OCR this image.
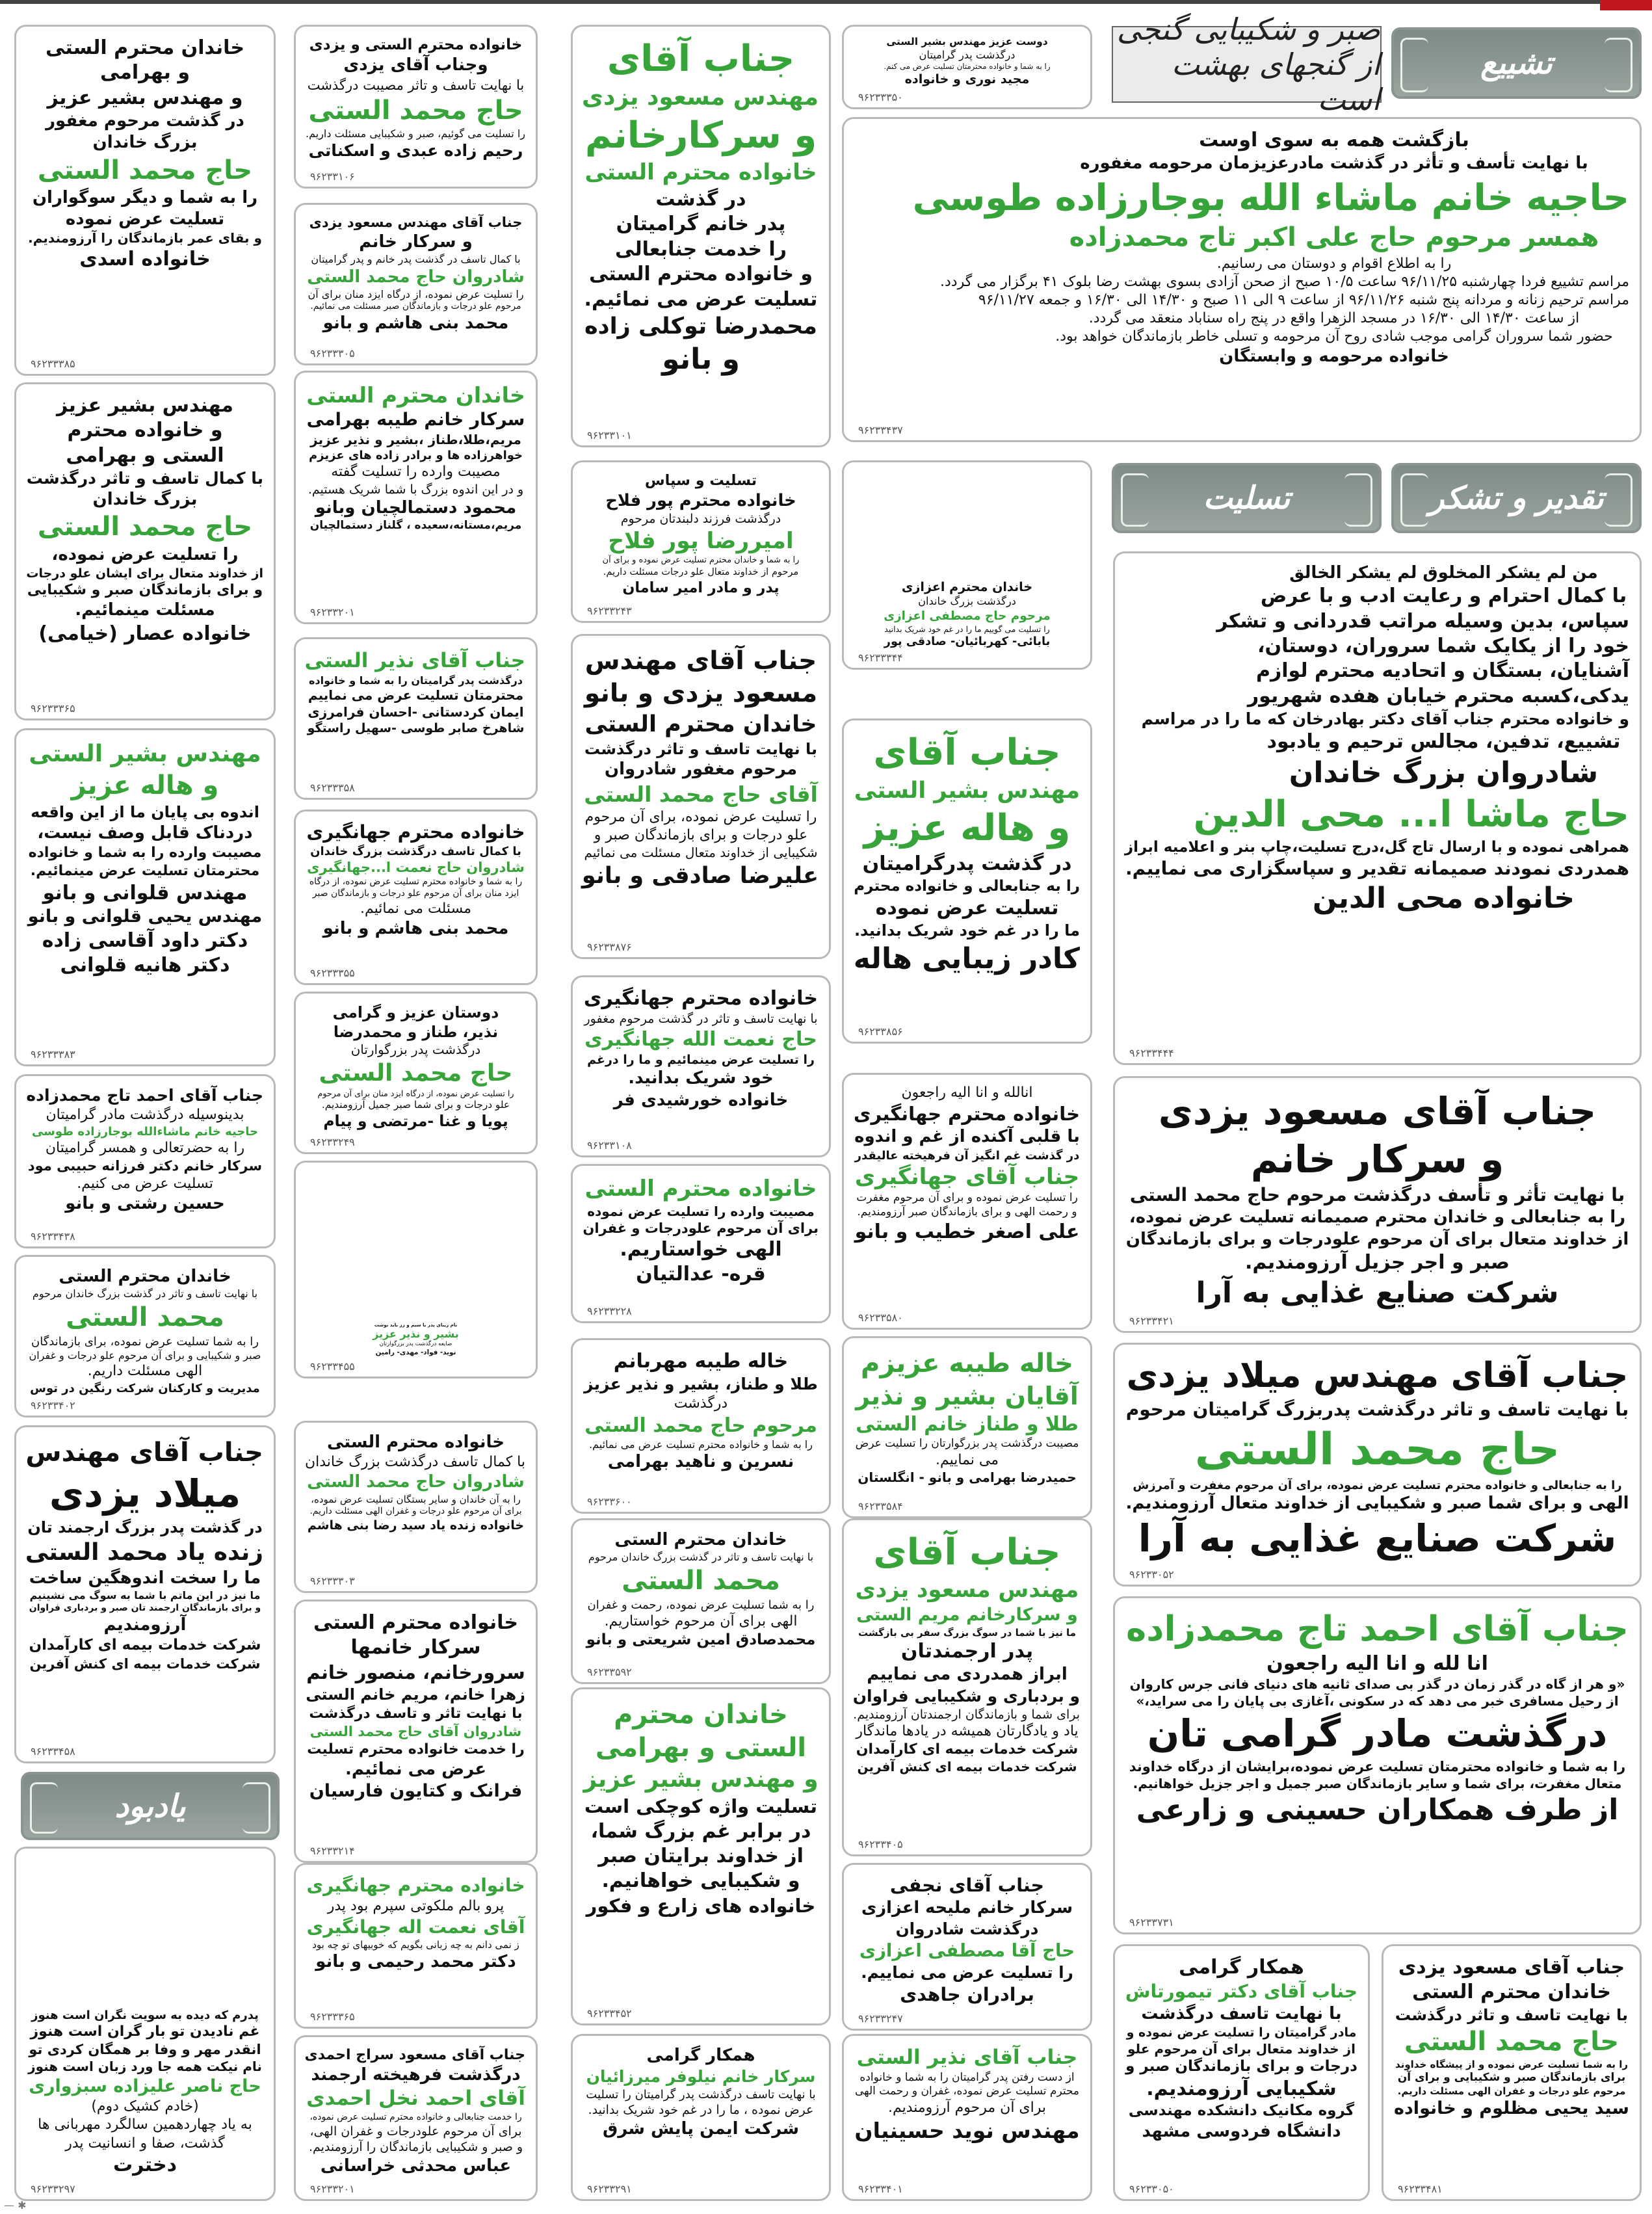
تشییع
صبر و شکیبایی گنجی از گنجهای بهشت است
تقدیر و تشکر
تسلیت
یادبود
خاندان محترم الستی
و بهرامی
و مهندس بشیر عزیز
در گذشت مرحوم مغفور
بزرگ خاندان
حاج محمد الستی
را به شما و دیگر سوگواران
تسلیت عرض نموده
و بقای عمر بازماندگان را آرزومندیم.
خانواده اسدی
۹۶۲۳۳۳۸۵
مهندس بشیر عزیز
و خانواده محترم
الستی و بهرامی
با کمال تاسف و تاثر درگذشت
بزرگ خاندان
حاج محمد الستی
را تسلیت عرض نموده،
از خداوند متعال برای ایشان علو درجات
و برای بازماندگان صبر و شکیبایی
مسئلت مینمائیم.
خانواده عصار (خیامی)
۹۶۲۳۳۳۶۵
مهندس بشیر الستی
و هاله عزیز
اندوه بی پایان ما از این واقعه
دردناک قابل وصف نیست،
مصیبت وارده را به شما و خانواده
محترمتان تسلیت عرض مینمائیم.
مهندس قلوانی و بانو
مهندس یحیی قلوانی و بانو
دکتر داود آقاسی زاده
دکتر هانیه قلوانی
۹۶۲۳۳۳۸۳
جناب آقای احمد تاج محمدزاده
بدینوسیله درگذشت مادر گرامیتان
حاجیه خانم ماشاءالله بوجارزاده طوسی
را به حضرتعالی و همسر گرامیتان
سرکار خانم دکتر فرزانه حبیبی مود
تسلیت عرض می کنیم.
حسین رشتی و بانو
۹۶۲۳۳۴۳۸
خاندان محترم الستی
با نهایت تاسف و تاثر در گذشت بزرگ خاندان مرحوم
محمد الستی
را به شما تسلیت عرض نموده، برای بازماندگان
صبر و شکیبایی و برای آن مرحوم علو درجات و غفران
الهی مسئلت داریم.
مدیریت و کارکنان شرکت رنگین در توس
۹۶۲۳۳۴۰۲
جناب آقای مهندس
میلاد یزدی
در گذشت پدر بزرگ ارجمند تان
زنده یاد محمد الستی
ما را سخت اندوهگین ساخت
ما نیز در این ماتم با شما به سوگ می نشینیم
و برای بازماندگان ارجمند تان صبر و بردباری فراوان
آرزومندیم
شرکت خدمات بیمه ای کارآمدان
شرکت خدمات بیمه ای کنش آفرین
۹۶۲۳۳۴۵۸
پدرم که دیده به سویت نگران است هنوز
غم نادیدن تو بار گران است هنوز
انقدر مهر و وفا بر همگان کردی تو
نام نیکت همه جا ورد زبان است هنوز
حاج ناصر علیزاده سبزواری
(خادم کشیک دوم)
به یاد چهاردهمین سالگرد مهربانی ها
گذشت، صفا و انسانیت پدر
دخترت
۹۶۲۳۳۲۹۷
خانواده محترم الستی و یزدی
وجناب آقای یزدی
با نهایت تاسف و تاثر مصیبت درگذشت
حاج محمد الستی
را تسلیت می گوئیم، صبر و شکیبایی مسئلت داریم.
رحیم زاده عبدی و اسکناتی
۹۶۲۳۳۱۰۶
جناب آقای مهندس مسعود یزدی
و سرکار خانم
با کمال تاسف در گذشت پدر خانم و پدر گرامیتان
شادروان حاج محمد الستی
را تسلیت عرض نموده، از درگاه ایزد منان برای آن
مرحوم علو درجات و بازماندگان صبر مسئلت می نمائیم.
محمد بنی هاشم و بانو
۹۶۲۳۳۳۰۵
خاندان محترم الستی
سرکار خانم طیبه بهرامی
مریم،طلا،طناز ،بشیر و نذیر عزیز
خواهرزاده ها و برادر زاده های عزیزم
مصیبت وارده را تسلیت گفته
و در این اندوه بزرگ با شما شریک هستیم.
محمود دستمالچیان وبانو
مریم،مستانه،سعیده ، گلناز دستمالچیان
۹۶۲۳۳۲۰۱
جناب آقای نذیر الستی
درگذشت پدر گرامیتان را به شما و خانواده
محترمتان تسلیت عرض می نماییم
ایمان کردستانی -احسان فرامرزی
شاهرخ صابر طوسی -سهیل راستگو
۹۶۲۳۳۳۵۸
خانواده محترم جهانگیری
با کمال تاسف درگذشت بزرگ خاندان
شادروان حاج نعمت ا...جهانگیری
را به شما و خانواده محترم تسلیت عرض نموده، از درگاه
ایزد منان برای آن مرحوم علو درجات و بازماندگان صبر
مسئلت می نمائیم.
محمد بنی هاشم و بانو
۹۶۲۳۳۳۵۵
دوستان عزیز و گرامی
نذیر، طناز و محمدرضا
درگذشت پدر بزرگوارتان
حاج محمد الستی
را تسلیت عرض نموده، از درگاه ایزد منان برای آن مرحوم
علو درجات و برای شما صبر جمیل آرزومندیم.
پویا و غنا -مرتضی و پیام
۹۶۲۳۳۲۴۹
نام زیبای پدر با سیم و زر باید نوشت
بشیر و نذیر عزیز
ضایعه درگذشت پدر بزرگوارتان
نوید- فواد- مهدی- رامین
۹۶۲۳۳۴۵۵
خانواده محترم الستی
با کمال تاسف درگذشت بزرگ خاندان
شادروان حاج محمد الستی
را به آن خاندان و سایر بستگان تسلیت عرض نموده،
برای آن مرحوم علو درجات و غفران الهی مسئلت داریم.
خانواده زنده یاد سید رضا بنی هاشم
۹۶۲۳۳۳۰۳
خانواده محترم الستی
سرکار خانمها
سرورخانم، منصور خانم
زهرا خانم، مریم خانم الستی
با نهایت تاثر و تاسف درگذشت
شادروان آقای حاج محمد الستی
را خدمت خانواده محترم تسلیت
عرض می نمائیم.
فرانک و کتایون فارسیان
۹۶۲۳۳۲۱۴
خانواده محترم جهانگیری
پرو بالم ملکوتی سپرم بود پدر
آقای نعمت اله جهانگیری
ز نمی دانم به چه زبانی بگویم که خوبیهای تو چه بود
دکتر محمد رحیمی و بانو
۹۶۲۳۳۳۶۵
جناب آقای مسعود سراج احمدی
درگذشت فرهیخته ارجمند
آقای احمد نخل احمدی
را خدمت جنابعالی و خانواده محترم تسلیت عرض نموده،
برای آن مرحوم علودرجات و غفران الهی،
و صبر و شکیبایی بازماندگان را آرزومندیم.
عباس محدثی خراسانی
۹۶۲۳۳۲۰۱
جناب آقای
مهندس مسعود یزدی
و سرکارخانم
خانواده محترم الستی
در گذشت
پدر خانم گرامیتان
را خدمت جنابعالی
و خانواده محترم الستی
تسلیت عرض می نمائیم.
محمدرضا توکلی زاده
و بانو
۹۶۲۳۳۱۰۱
تسلیت و سپاس
خانواده محترم پور فلاح
درگذشت فرزند دلبندتان مرحوم
امیررضا پور فلاح
را به شما و خاندان محترم تسلیت عرض نموده و برای آن
مرحوم از خداوند متعال علو درجات مسئلت داریم.
پدر و مادر امیر سامان
۹۶۲۳۳۲۴۳
جناب آقای مهندس
مسعود یزدی و بانو
خاندان محترم الستی
با نهایت تاسف و تاثر درگذشت
مرحوم مغفور شادروان
آقای حاج محمد الستی
را تسلیت عرض نموده، برای آن مرحوم
علو درجات و برای بازماندگان صبر و
شکیبایی از خداوند متعال مسئلت می نمائیم
علیرضا صادقی و بانو
۹۶۲۳۳۸۷۶
خانواده محترم جهانگیری
با نهایت تاسف و تاثر در گذشت مرحوم مغفور
حاج نعمت الله جهانگیری
را تسلیت عرض مینمائیم و ما را درغم
خود شریک بدانید.
خانواده خورشیدی فر
۹۶۲۳۳۱۰۸
خانواده محترم الستی
مصیبت وارده را تسلیت عرض نموده
برای آن مرحوم علودرجات و غفران
الهی خواستاریم.
قره- عدالتیان
۹۶۲۳۳۲۲۸
خاله طیبه مهربانم
طلا و طناز، بشیر و نذیر عزیز
درگذشت
مرحوم حاج محمد الستی
را به شما و خانواده محترم تسلیت عرض می نمائیم.
نسرین و ناهید بهرامی
۹۶۲۳۳۶۰۰
خاندان محترم الستی
با نهایت تاسف و تاثر در گذشت بزرگ خاندان مرحوم
محمد الستی
را به شما تسلیت عرض نموده، رحمت و غفران
الهی برای آن مرحوم خواستاریم.
محمدصادق امین شریعتی و بانو
۹۶۲۳۳۵۹۲
خاندان محترم
الستی و بهرامی
و مهندس بشیر عزیز
تسلیت واژه کوچکی است
در برابر غم بزرگ شما،
از خداوند برایتان صبر
و شکیبایی خواهانیم.
خانواده های زارع و فکور
۹۶۲۳۳۴۵۲
همکار گرامی
سرکار خانم نیلوفر میرزائیان
با نهایت تاسف درگذشت پدر گرامیتان را تسلیت
عرض نموده ، ما را در غم خود شریک بدانید.
شرکت ایمن پایش شرق
۹۶۲۳۳۲۹۱
دوست عزیز مهندس بشیر الستی
درگذشت پدر گرامیتان
را به شما و خانواده محترمتان تسلیت عرض می کنم.
مجید نوری و خانواده
۹۶۲۳۳۳۵۰
خاندان محترم اعزازی
درگذشت بزرگ خاندان
مرحوم حاج مصطفی اعزازی
را تسلیت می گوییم ما را در غم خود شریک بدانید
بابائی- کهربائیان- صادقی پور
۹۶۲۳۳۳۴۴
جناب آقای
مهندس بشیر الستی
و هاله عزیز
در گذشت پدرگرامیتان
را به جنابعالی و خانواده محترم
تسلیت عرض نموده
ما را در غم خود شریک بدانید.
کادر زیبایی هاله
۹۶۲۳۳۸۵۶
انالله و انا الیه راجعون
خانواده محترم جهانگیری
با قلبی آکنده از غم و اندوه
در گذشت غم انگیز آن فرهیخته عالیقدر
جناب آقای جهانگیری
را تسلیت عرض نموده و برای آن مرحوم مغفرت
و رحمت الهی و برای بازماندگان صبر آرزومندیم.
علی اصغر خطیب و بانو
۹۶۲۳۳۵۸۰
خاله طیبه عزیزم
آقایان بشیر و نذیر
طلا و طناز خانم الستی
مصیبت درگذشت پدر بزرگوارتان را تسلیت عرض
می نماییم.
حمیدرضا بهرامی و بانو - انگلستان
۹۶۲۳۳۵۸۴
جناب آقای
مهندس مسعود یزدی
و سرکارخانم مریم الستی
ما نیز با شما در سوگ بزرگ سفر بی بازگشت
پدر ارجمندتان
ابراز همدردی می نماییم
و بردباری و شکیبایی فراوان
برای شما و بازماندگان ارجمندتان آرزومندیم.
یاد و یادگارتان همیشه در یادها ماندگار
شرکت خدمات بیمه ای کارآمدان
شرکت خدمات بیمه ای کنش آفرین
۹۶۲۳۳۴۰۵
جناب آقای نجفی
سرکار خانم ملیحه اعزازی
درگذشت شادروان
حاج آقا مصطفی اعزازی
را تسلیت عرض می نماییم.
برادران جاهدی
۹۶۲۳۳۲۴۷
جناب آقای نذیر الستی
از دست رفتن پدر گرامیتان را به شما و خانواده
محترم تسلیت عرض نموده، غفران و رحمت الهی
برای آن مرحوم آرزومندیم.
مهندس نوید حسینیان
۹۶۲۳۳۴۰۱
بازگشت همه به سوی اوست
با نهایت تأسف و تأثر در گذشت مادرعزیزمان مرحومه مغفوره
حاجیه خانم ماشاء الله بوجارزاده طوسی
همسر مرحوم حاج علی اکبر تاج محمدزاده
را به اطلاع اقوام و دوستان می رسانیم.
مراسم تشییع فردا چهارشنبه ۹۶/۱۱/۲۵ ساعت ۱۰/۵ صبح از صحن آزادی بسوی بهشت رضا بلوک ۴۱ برگزار می گردد.
مراسم ترحیم زنانه و مردانه پنج شنبه ۹۶/۱۱/۲۶ از ساعت ۹ الی ۱۱ صبح و ۱۴/۳۰ الی ۱۶/۳۰ و جمعه ۹۶/۱۱/۲۷
از ساعت ۱۴/۳۰ الی ۱۶/۳۰ در مسجد الزهرا واقع در پنج راه سناباد منعقد می گردد.
حضور شما سروران گرامی موجب شادی روح آن مرحومه و تسلی خاطر بازماندگان خواهد بود.
خانواده مرحومه و وابستگان
۹۶۲۳۳۴۳۷
من لم یشکر المخلوق لم یشکر الخالق
با کمال احترام و رعایت ادب و با عرض
سپاس، بدین وسیله مراتب قدردانی و تشکر
خود را از یکایک شما سروران، دوستان،
آشنایان، بستگان و اتحادیه محترم لوازم
یدکی،کسبه محترم خیابان هفده شهریور
و خانواده محترم جناب آقای دکتر بهادرخان که ما را در مراسم
تشییع، تدفین، مجالس ترحیم و یادبود
شادروان بزرگ خاندان
حاج ماشا ا... محی الدین
همراهی نموده و با ارسال تاج گل،درج تسلیت،چاپ بنر و اعلامیه ابراز
همدردی نمودند صمیمانه تقدیر و سپاسگزاری می نماییم.
خانواده محی الدین
۹۶۲۳۳۴۴۴
جناب آقای مسعود یزدی
و سرکار خانم
با نهایت تأثر و تأسف درگذشت مرحوم حاج محمد الستی
را به جنابعالی و خاندان محترم صمیمانه تسلیت عرض نموده،
از خداوند متعال برای آن مرحوم علودرجات و برای بازماندگان
صبر و اجر جزیل آرزومندیم.
شرکت صنایع غذایی به آرا
۹۶۲۳۳۴۲۱
جناب آقای مهندس میلاد یزدی
با نهایت تاسف و تاثر درگذشت پدربزرگ گرامیتان مرحوم
حاج محمد الستی
را به جنابعالی و خانواده محترم تسلیت عرض نموده، برای آن مرحوم مغفرت و آمرزش
الهی و برای شما صبر و شکیبایی از خداوند متعال آرزومندیم.
شرکت صنایع غذایی به آرا
۹۶۲۳۳۰۵۲
جناب آقای احمد تاج محمدزاده
انا لله و انا الیه راجعون
«و هر از گاه در گذر زمان در گذر بی صدای ثانیه های دنیای فانی جرس کاروان
از رحیل مسافری خبر می دهد که در سکونی ،آغازی بی پایان را می سراید،»
درگذشت مادر گرامی تان
را به شما و خانواده محترمتان تسلیت عرض نموده،برایشان از درگاه خداوند
متعال مغفرت، برای شما و سایر بازماندگان صبر جمیل و اجر جزیل خواهانیم.
از طرف همکاران حسینی و زارعی
۹۶۲۳۳۷۳۱
همکار گرامی
جناب آقای دکتر تیمورتاش
با نهایت تاسف درگذشت
مادر گرامیتان را تسلیت عرض نموده و
از خداوند متعال برای آن مرحوم علو
درجات و برای بازماندگان صبر و
شکیبایی آرزومندیم.
گروه مکانیک دانشکده مهندسی
دانشگاه فردوسی مشهد
۹۶۲۳۳۰۵۰
جناب آقای مسعود یزدی
خاندان محترم الستی
با نهایت تاسف و تاثر درگذشت
حاج محمد الستی
را به شما تسلیت عرض نموده و از پیشگاه خداوند
برای بازماندگان صبر و شکیبایی و برای آن
مرحوم علو درجات و غفران الهی مسئلت داریم.
سید یحیی مظلوم و خانواده
۹۶۲۳۳۴۸۱
— ✱
